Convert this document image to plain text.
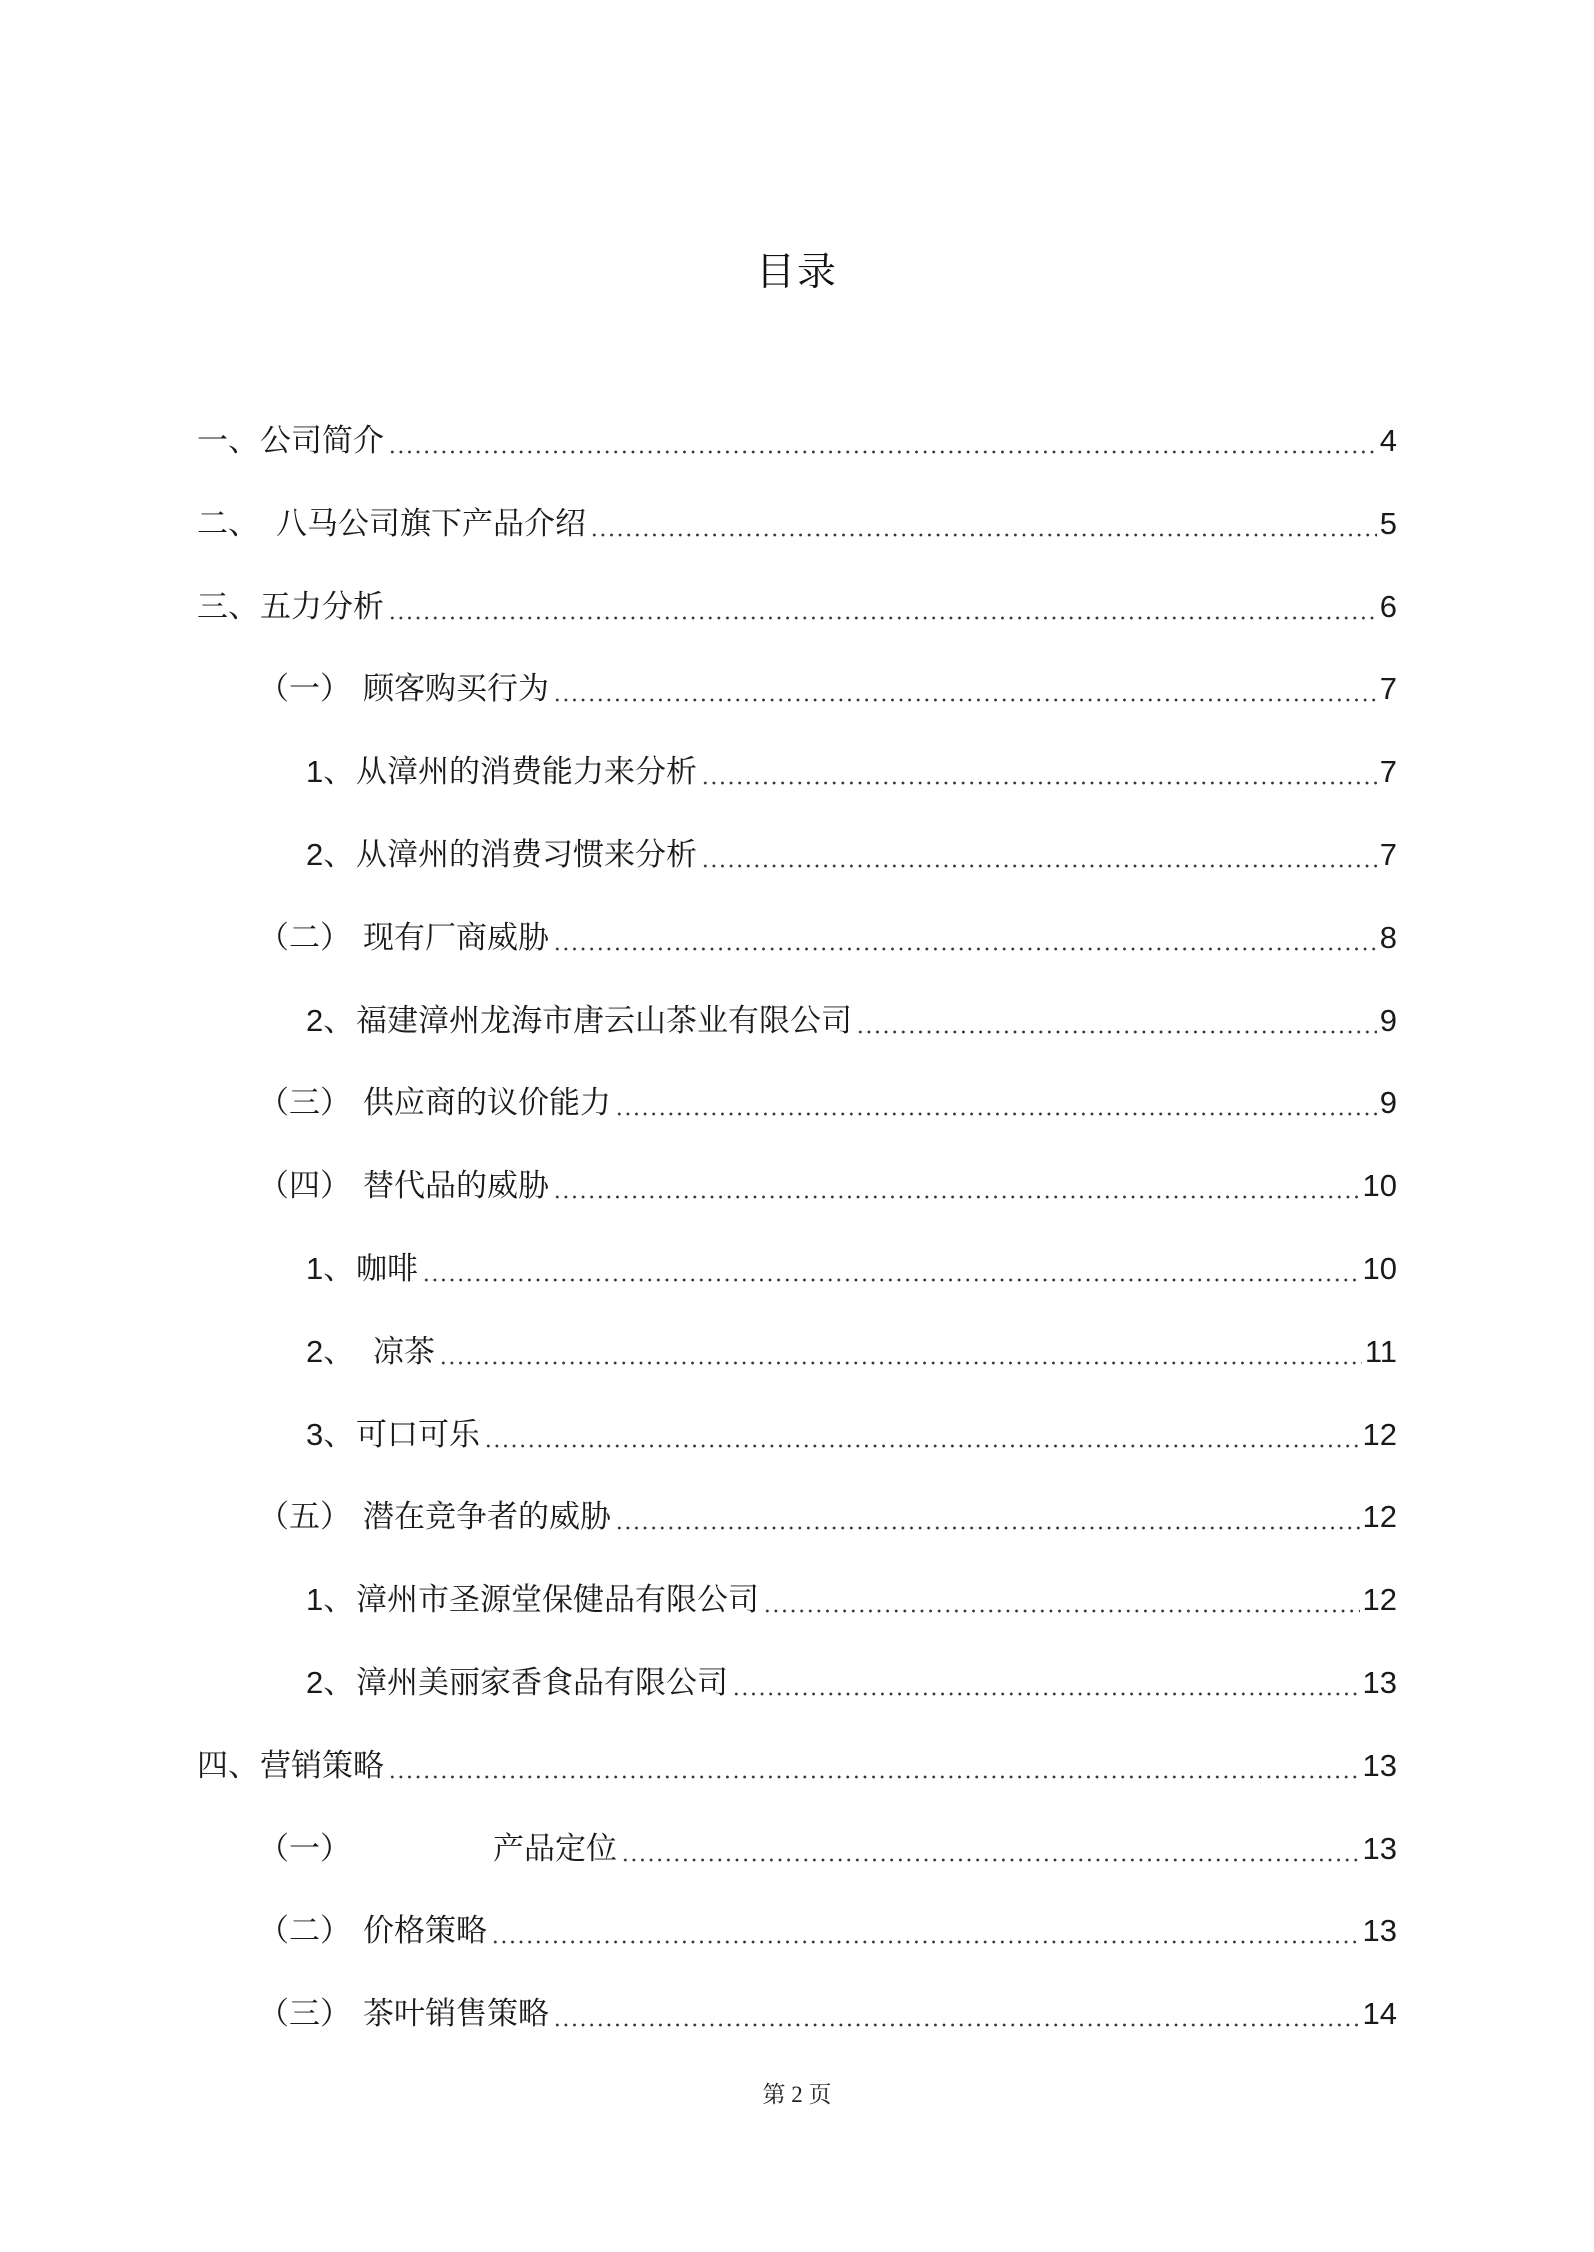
目录
一、 公司简介	4
二、 八马公司旗下产品介绍	5
三、 五力分析	6
（一） 顾客购买行为	7
1、 从漳州的消费能力来分析	7
2、 从漳州的消费习惯来分析	7
（二） 现有厂商威胁	8
2、 福建漳州龙海市唐云山茶业有限公司	9
（三） 供应商的议价能力	9
（四） 替代品的威胁	10
1、 咖啡	10
2、 凉茶	11
3、 可口可乐	12
（五） 潜在竞争者的威胁	12
1、 漳州市圣源堂保健品有限公司	12
2、 漳州美丽家香食品有限公司	13
四、 营销策略	13
（一）	产品定位	13
（二） 价格策略	13
（三） 茶叶销售策略	14
第 2 页
